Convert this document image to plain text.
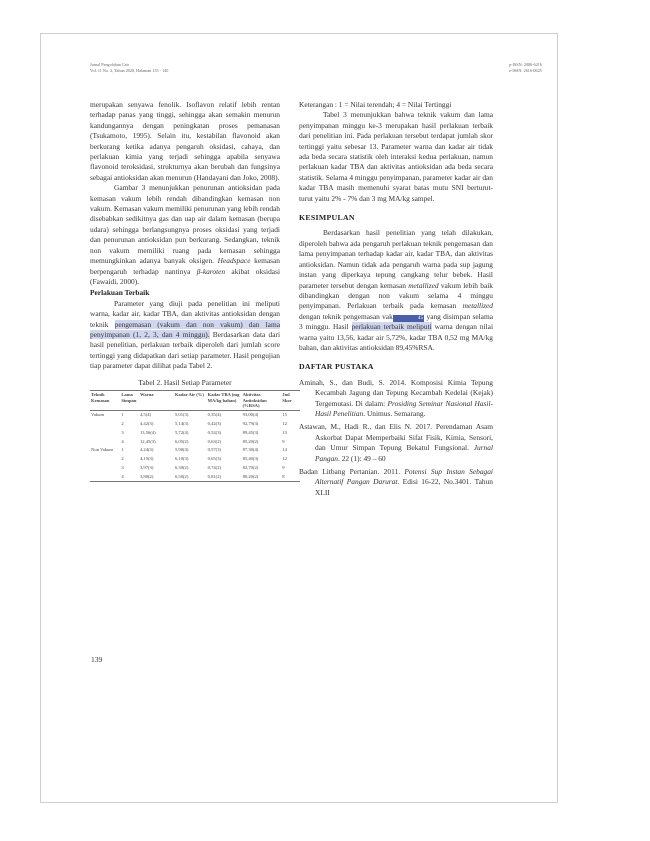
Jurnal Pengolahan Cair
Vol. 11 No. 2, Tahun 2020, Halaman 135 - 140
p-ISSN: 2086-6216
e-ISSN: 2616-0625

merupakan senyawa fenolik. Isoflavon relatif lebih rentan terhadap panas yang tinggi, sehingga akan semakin menurun kandungannya dengan peningkatan proses pemanasan (Tsukamoto, 1995). Selain itu, kestabilan flavonoid akan berkurang ketika adanya pengaruh oksidasi, cahaya, dan perlakuan kimia yang terjadi sehingga apabila senyawa flavonoid teroksidasi, strukturnya akan berubah dan fungsinya sebagai antioksidan akan menurun (Handayani dan Joko, 2008).

Gambar 3 menunjukkan penurunan antioksidan pada kemasan vakum lebih rendah dibandingkan kemasan non vakum. Kemasan vakum memiliki penurunan yang lebih rendah disebabkan sedikitnya gas dan uap air dalam kemasan (berupa udara) sehingga berlangsungnya proses oksidasi yang terjadi dan penurunan antioksidan pun berkurang. Sedangkan, teknik non vakum memiliki ruang pada kemasan sehingga memungkinkan adanya banyak oksigen. Headspace kemasan berpengaruh terhadap nantinya β-karoten akibat oksidasi (Fawaidi, 2000).

Perlakuan Terbaik

Parameter yang diuji pada penelitian ini meliputi warna, kadar air, kadar TBA, dan aktivitas antioksidan dengan teknik pengemasan (vakum dan non vakum) dan lama penyimpanan (1, 2, 3, dan 4 minggu). Berdasarkan data dari hasil penelitian, perlakuan terbaik diperoleh dari jumlah score tertinggi yang didapatkan dari setiap parameter. Hasil pengujian tiap parameter dapat dilihat pada Tabel 2.

Tabel 2. Hasil Setiap Parameter
Teknik Kemasan	Lama Simpan	Warna	Kadar Air (%)	Kadar TBA (mg MA/kg bahan)	Aktivitas Antioksidan (%RSA)	Jml Skor
Vakum	1	4,5(4)	5,01(3)	0,35(4)	93,00(4)	15
	2	4,42(3)	5,14(3)	0,42(3)	92,79(3)	12
	3	13,56(4)	5,72(4)	0,52(3)	89,45(3)	13
	4	12,45(3)	6,05(2)	0,63(2)	85,20(2)	9
Non Vakum	1	4,24(3)	5,90(4)	0,57(3)	87,30(4)	14
	2	4,15(3)	6,10(3)	0,65(3)	85,40(3)	12
	3	3,97(3)	6,30(2)	0,74(2)	82,70(2)	9
	4	3,80(2)	6,50(2)	0,81(2)	80,20(2)	8

Keterangan : 1 = Nilai terendah; 4 = Nilai Tertinggi

Tabel 3 menunjukkan bahwa teknik vakum dan lama penyimpanan minggu ke-3 merupakan hasil perlakuan terbaik dari penelitian ini. Pada perlakuan tersebut terdapat jumlah skor tertinggi yaitu sebesar 13. Parameter warna dan kadar air tidak ada beda secara statistik oleh interaksi kedua perlakuan, namun perlakuan kadar TBA dan aktivitas antioksidan ada beda secara statistik. Selama 4 minggu penyimpanan, parameter kadar air dan kadar TBA masih memenuhi syarat batas mutu SNI berturut-turut yaitu 2% - 7% dan 3 mg MA/kg sampel.

KESIMPULAN

Berdasarkan hasil penelitian yang telah dilakukan, diperoleh bahwa ada pengaruh perlakuan teknik pengemasan dan lama penyimpanan terhadap kadar air, kadar TBA, dan aktivitas antioksidan. Namun tidak ada pengaruh warna pada sup jagung instan yang diperkaya tepung cangkang telur bebek. Hasil parameter tersebut dengan kemasan metallized vakum lebih baik dibandingkan dengan non vakum selama 4 minggu penyimpanan. Perlakuan terbaik pada kemasan metallized dengan teknik pengemasan vak	45 yang disimpan selama 3 minggu. Hasil perlakuan terbaik meliputi warna dengan nilai warna yaitu 13,56, kadar air 5,72%, kadar TBA 0,52 mg MA/kg bahan, dan aktivitas antioksidan 89,45%RSA.

DAFTAR PUSTAKA

Aminah, S., dan Budi, S. 2014. Komposisi Kimia Tepung Kecambah Jagung dan Tepung Kecambah Kedelai (Kejak) Tergemutasi. Di dalam: Prosiding Seminar Nasional Hasil-Hasil Penelitian. Unimus. Semarang.

Astawan, M., Hadi R., dan Elis N. 2017. Perendaman Asam Askorbat Dapat Memperbaiki Sifat Fisik, Kimia, Sensori, dan Umur Simpan Tepung Bekatul Fungsional. Jurnal Pangan. 22 (1): 49 – 60

Badan Litbang Pertanian. 2011. Potensi Sup Instan Sebagai Alternatif Pangan Darurat. Edisi 16-22, No.3401. Tahun XLII

139
